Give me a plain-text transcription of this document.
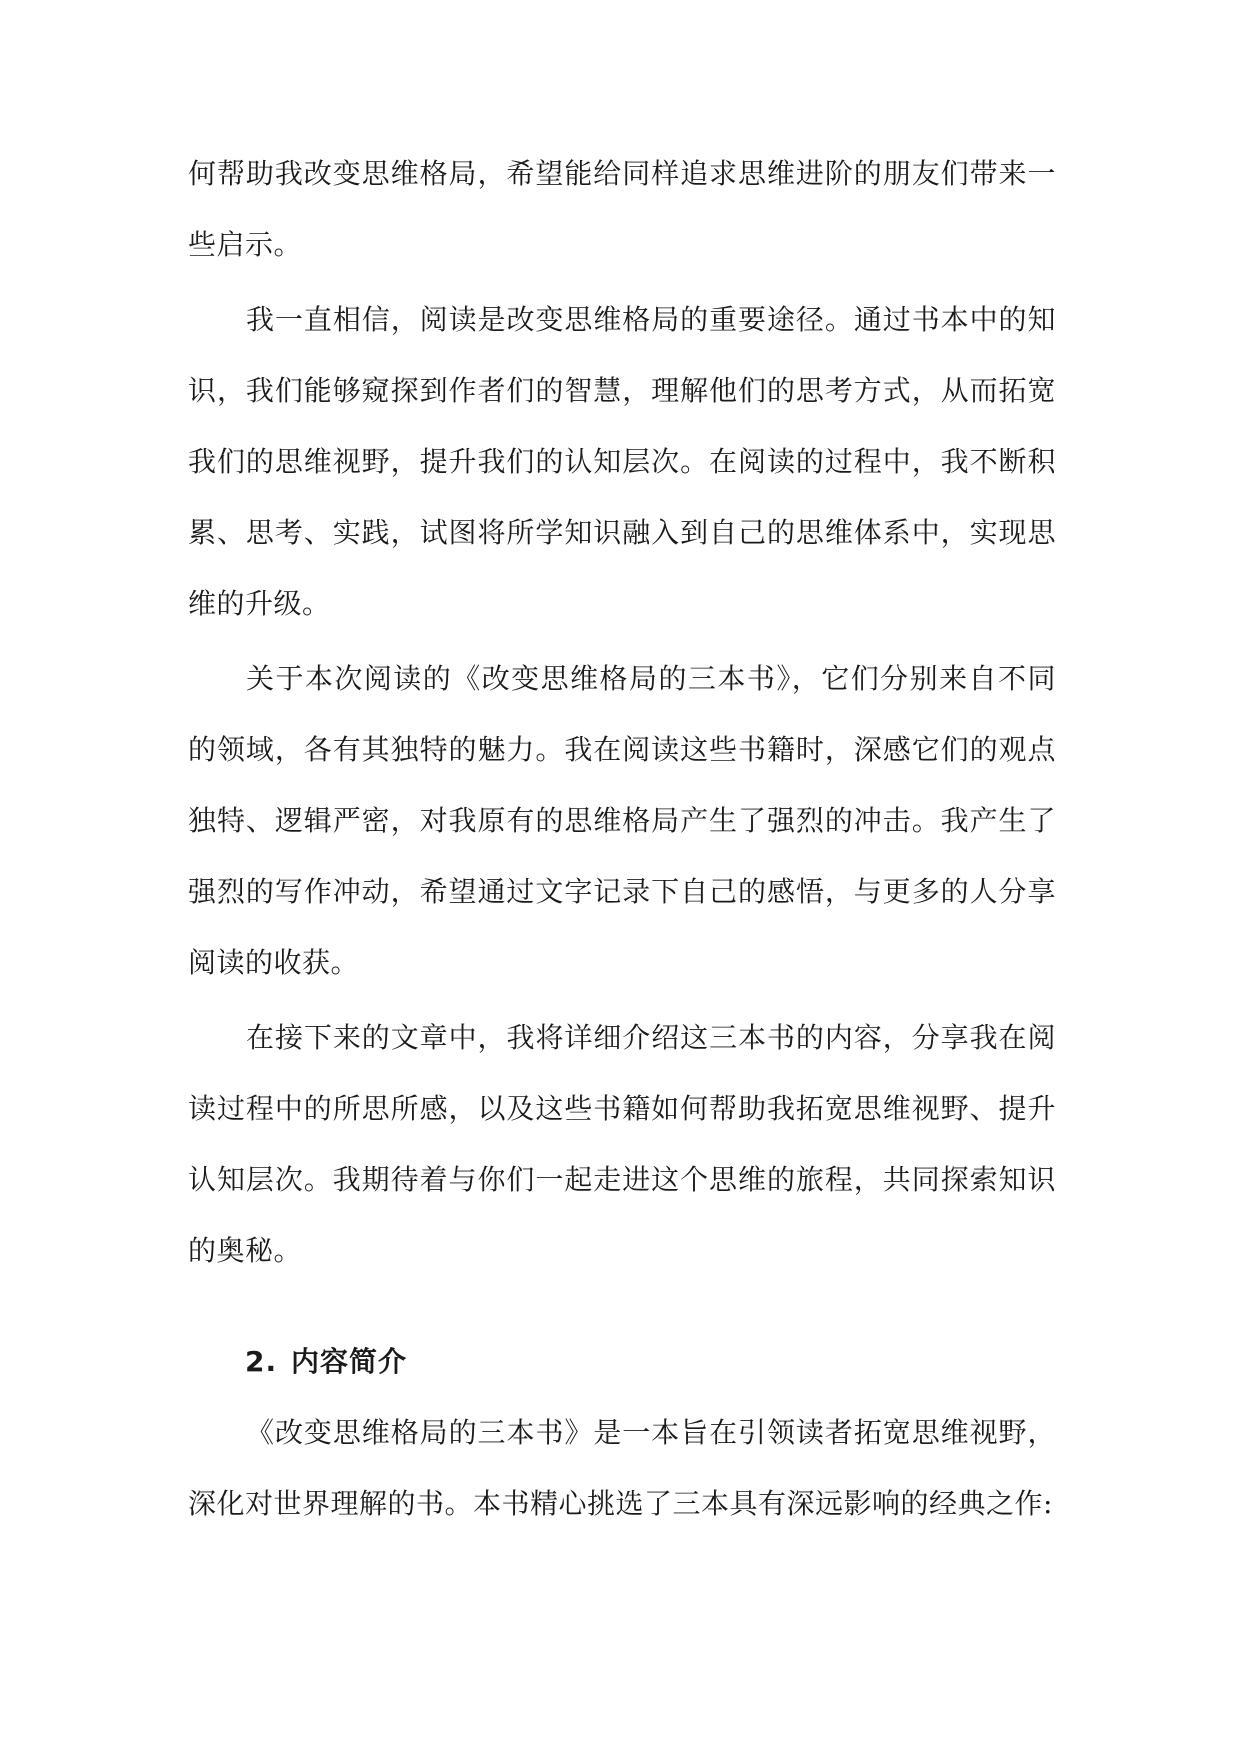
何帮助我改变思维格局，希望能给同样追求思维进阶的朋友们带来一些启示。

我一直相信，阅读是改变思维格局的重要途径。通过书本中的知识，我们能够窥探到作者们的智慧，理解他们的思考方式，从而拓宽我们的思维视野，提升我们的认知层次。在阅读的过程中，我不断积累、思考、实践，试图将所学知识融入到自己的思维体系中，实现思维的升级。

关于本次阅读的《改变思维格局的三本书》，它们分别来自不同的领域，各有其独特的魅力。我在阅读这些书籍时，深感它们的观点独特、逻辑严密，对我原有的思维格局产生了强烈的冲击。我产生了强烈的写作冲动，希望通过文字记录下自己的感悟，与更多的人分享阅读的收获。

在接下来的文章中，我将详细介绍这三本书的内容，分享我在阅读过程中的所思所感，以及这些书籍如何帮助我拓宽思维视野、提升认知层次。我期待着与你们一起走进这个思维的旅程，共同探索知识的奥秘。

2. 内容简介

《改变思维格局的三本书》是一本旨在引领读者拓宽思维视野，深化对世界理解的书。本书精心挑选了三本具有深远影响的经典之作:
